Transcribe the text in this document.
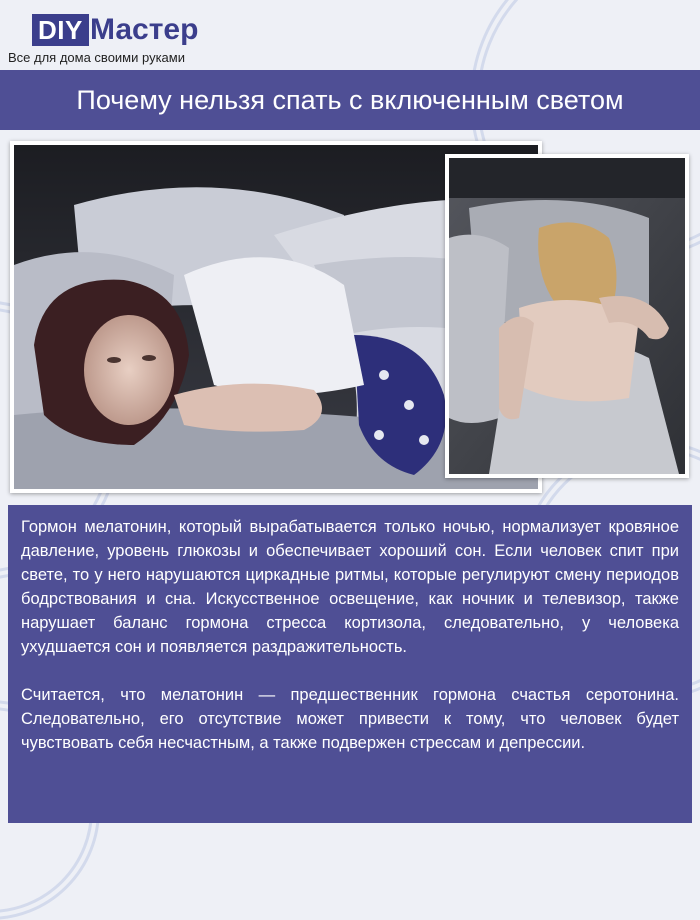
DIY Мастер
Все для дома своими руками
Почему нельзя спать с включенным светом

Гормон мелатонин, который вырабатывается только ночью, нормализует кровяное давление, уровень глюкозы и обеспечивает хороший сон. Если человек спит при свете, то у него нарушаются циркадные ритмы, которые регулируют смену периодов бодрствования и сна. Искусственное освещение, как ночник и телевизор, также нарушает баланс гормона стресса кортизола, следовательно, у человека ухудшается сон и появляется раздражительность.

Считается, что мелатонин — предшественник гормона счастья серотонина. Следовательно, его отсутствие может привести к тому, что человек будет чувствовать себя несчастным, а также подвержен стрессам и депрессии.
